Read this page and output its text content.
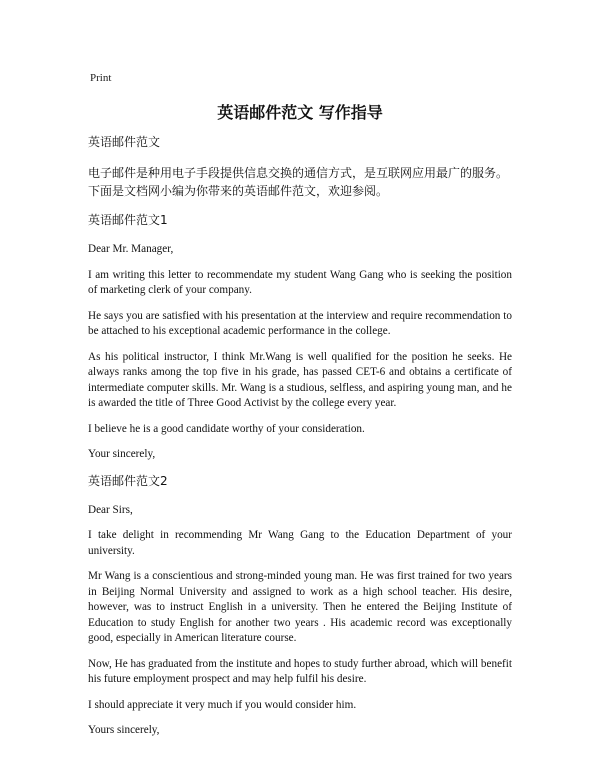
Print
英语邮件范文 写作指导

英语邮件范文

电子邮件是种用电子手段提供信息交换的通信方式，是互联网应用最广的服务。下面是文档网小编为你带来的英语邮件范文，欢迎参阅。

英语邮件范文1

Dear Mr. Manager,

I am writing this letter to recommendate my student Wang Gang who is seeking the position of marketing clerk of your company.

He says you are satisfied with his presentation at the interview and require recommendation to be attached to his exceptional academic performance in the college.

As his political instructor, I think Mr.Wang is well qualified for the position he seeks. He always ranks among the top five in his grade, has passed CET-6 and obtains a certificate of intermediate computer skills. Mr. Wang is a studious, selfless, and aspiring young man, and he is awarded the title of Three Good Activist by the college every year.

I believe he is a good candidate worthy of your consideration.

Your sincerely,

英语邮件范文2

Dear Sirs,

I take delight in recommending Mr Wang Gang to the Education Department of your university.

Mr Wang is a conscientious and strong-minded young man. He was first trained for two years in Beijing Normal University and assigned to work as a high school teacher. His desire, however, was to instruct English in a university. Then he entered the Beijing Institute of Education to study English for another two years . His academic record was exceptionally good, especially in American literature course.

Now, He has graduated from the institute and hopes to study further abroad, which will benefit his future employment prospect and may help fulfil his desire.

I should appreciate it very much if you would consider him.

Yours sincerely,
